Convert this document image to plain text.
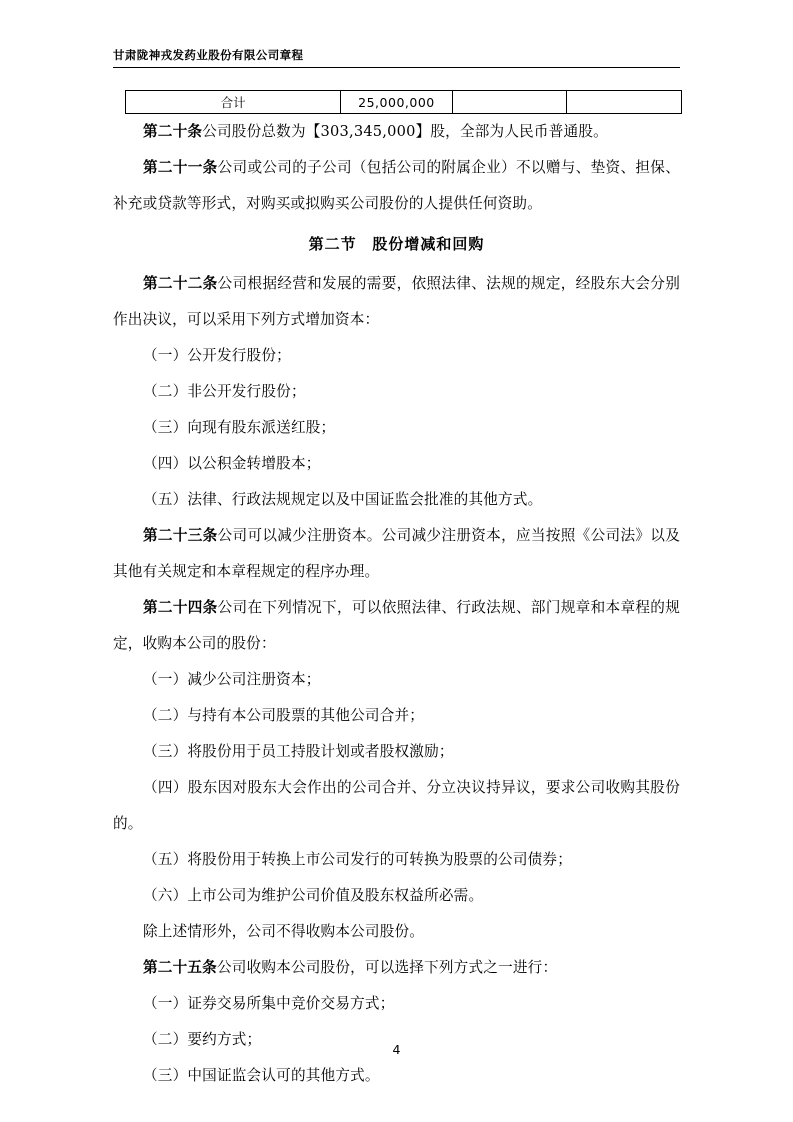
甘肃陇神戎发药业股份有限公司章程
合计	25,000,000		

第二十条公司股份总数为【303,345,000】股，全部为人民币普通股。

第二十一条公司或公司的子公司（包括公司的附属企业）不以赠与、垫资、担保、补充或贷款等形式，对购买或拟购买公司股份的人提供任何资助。

第二节 股份增减和回购

第二十二条公司根据经营和发展的需要，依照法律、法规的规定，经股东大会分别作出决议，可以采用下列方式增加资本：

（一）公开发行股份；

（二）非公开发行股份；

（三）向现有股东派送红股；

（四）以公积金转增股本；

（五）法律、行政法规规定以及中国证监会批准的其他方式。

第二十三条公司可以减少注册资本。公司减少注册资本，应当按照《公司法》以及其他有关规定和本章程规定的程序办理。

第二十四条公司在下列情况下，可以依照法律、行政法规、部门规章和本章程的规定，收购本公司的股份：

（一）减少公司注册资本；

（二）与持有本公司股票的其他公司合并；

（三）将股份用于员工持股计划或者股权激励；

（四）股东因对股东大会作出的公司合并、分立决议持异议，要求公司收购其股份的。

（五）将股份用于转换上市公司发行的可转换为股票的公司债券；

（六）上市公司为维护公司价值及股东权益所必需。

除上述情形外，公司不得收购本公司股份。

第二十五条公司收购本公司股份，可以选择下列方式之一进行：

（一）证券交易所集中竞价交易方式；

（二）要约方式；

（三）中国证监会认可的其他方式。

4
